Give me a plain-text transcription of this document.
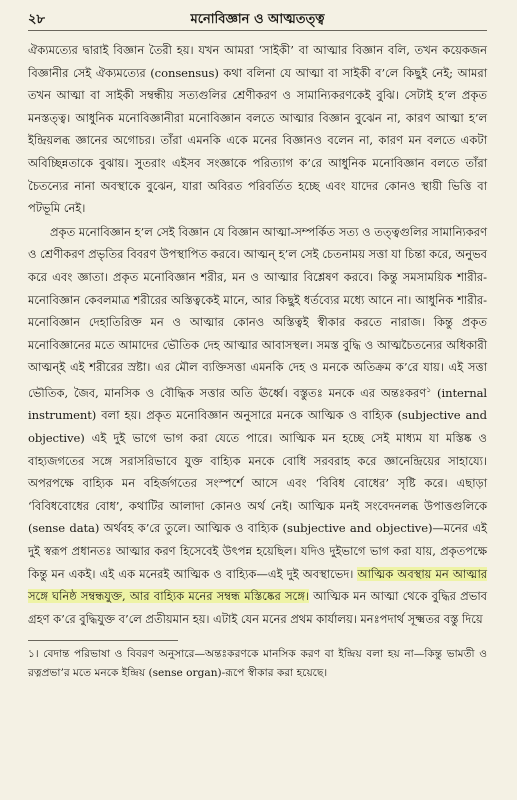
২৮	মনোবিজ্ঞান ও আত্মতত্ত্ব

ঐক্যমত্যের দ্বারাই বিজ্ঞান তৈরী হয়। যখন আমরা ‘সাইকী’ বা আত্মার বিজ্ঞান বলি, তখন কয়েকজন বিজ্ঞানীর সেই ঐক্যমত্যের (consensus) কথা বলিনা যে আত্মা বা সাইকী ব’লে কিছুই নেই; আমরা তখন আত্মা বা সাইকী সম্বন্ধীয় সত্যগুলির শ্রেণীকরণ ও সামান্যিকরণকেই বুঝি। সেটাই হ’ল প্রকৃত মনস্তত্ত্ব। আধুনিক মনোবিজ্ঞানীরা মনোবিজ্ঞান বলতে আত্মার বিজ্ঞান বুঝেন না, কারণ আত্মা হ’ল ইন্দ্রিয়লব্ধ জ্ঞানের অগোচর। তাঁরা এমনকি একে মনের বিজ্ঞানও বলেন না, কারণ মন বলতে একটা অবিচ্ছিন্নতাকে বুঝায়। সুতরাং এইসব সংজ্ঞাকে পরিত্যাগ ক’রে আধুনিক মনোবিজ্ঞান বলতে তাঁরা চৈতন্যের নানা অবস্থাকে বুঝেন, যারা অবিরত পরিবর্তিত হচ্ছে এবং যাদের কোনও স্থায়ী ভিত্তি বা পটভূমি নেই।

প্রকৃত মনোবিজ্ঞান হ’ল সেই বিজ্ঞান যে বিজ্ঞান আত্মা-সম্পর্কিত সত্য ও তত্ত্বগুলির সামান্যিকরণ ও শ্রেণীকরণ প্রভৃতির বিবরণ উপস্থাপিত করবে। আত্মন্ হ’ল সেই চেতনাময় সত্তা যা চিন্তা করে, অনুভব করে এবং জ্ঞাতা। প্রকৃত মনোবিজ্ঞান শরীর, মন ও আত্মার বিশ্লেষণ করবে। কিন্তু সমসাময়িক শারীর-মনোবিজ্ঞান কেবলমাত্র শরীরের অস্তিত্বকেই মানে, আর কিছুই ধর্তব্যের মধ্যে আনে না। আধুনিক শারীর-মনোবিজ্ঞান দেহাতিরিক্ত মন ও আত্মার কোনও অস্তিত্বই স্বীকার করতে নারাজ। কিন্তু প্রকৃত মনোবিজ্ঞানের মতে আমাদের ভৌতিক দেহ আত্মার আবাসস্থল। সমস্ত বুদ্ধি ও আত্মচৈতন্যের অধিকারী আত্মন্ই এই শরীরের স্রষ্টা। এর মৌল ব্যক্তিসত্তা এমনকি দেহ ও মনকে অতিক্রম ক’রে যায়। এই সত্তা ভৌতিক, জৈব, মানসিক ও বৌদ্ধিক সত্তার অতি ঊর্ধ্বে। বস্তুতঃ মনকে এর অন্তঃকরণ$^১$ (internal instrument) বলা হয়। প্রকৃত মনোবিজ্ঞান অনুসারে মনকে আত্মিক ও বাহ্যিক (subjective and objective) এই দুই ভাগে ভাগ করা যেতে পারে। আত্মিক মন হচ্ছে সেই মাধ্যম যা মস্তিষ্ক ও বাহ্যজগতের সঙ্গে সরাসরিভাবে যুক্ত বাহ্যিক মনকে বোধি সরবরাহ করে জ্ঞানেন্দ্রিয়ের সাহায্যে। অপরপক্ষে বাহ্যিক মন বহির্জগতের সংস্পর্শে আসে এবং ‘বিবিধ বোধের’ সৃষ্টি করে। এছাড়া ‘বিবিধবোধের বোধ’, কথাটির আলাদা কোনও অর্থ নেই। আত্মিক মনই সংবেদনলব্ধ উপাত্তগুলিকে (sense data) অর্থবহ ক’রে তুলে। আত্মিক ও বাহ্যিক (subjective and objective)—মনের এই দুই স্বরূপ প্রধানতঃ আত্মার করণ হিসেবেই উৎপন্ন হয়েছিল। যদিও দুইভাগে ভাগ করা যায়, প্রকৃতপক্ষে কিন্তু মন একই। এই এক মনেরই আত্মিক ও বাহ্যিক—এই দুই অবস্থাভেদ। আত্মিক অবস্থায় মন আত্মার সঙ্গে ঘনিষ্ঠ সম্বন্ধযুক্ত, আর বাহ্যিক মনের সম্বন্ধ মস্তিষ্কের সঙ্গে। আত্মিক মন আত্মা থেকে বুদ্ধির প্রভাব গ্রহণ ক’রে বুদ্ধিযুক্ত ব’লে প্রতীয়মান হয়। এটাই যেন মনের প্রথম কার্যালয়। মনঃপদার্থ সূক্ষ্মতর বস্তু দিয়ে

১। বেদান্ত পরিভাষা ও বিবরণ অনুসারে—অন্তঃকরণকে মানসিক করণ বা ইন্দ্রিয় বলা হয় না—কিন্তু ভামতী ও রত্নপ্রভা’র মতে মনকে ইন্দ্রিয় (sense organ)-রূপে স্বীকার করা হয়েছে।
